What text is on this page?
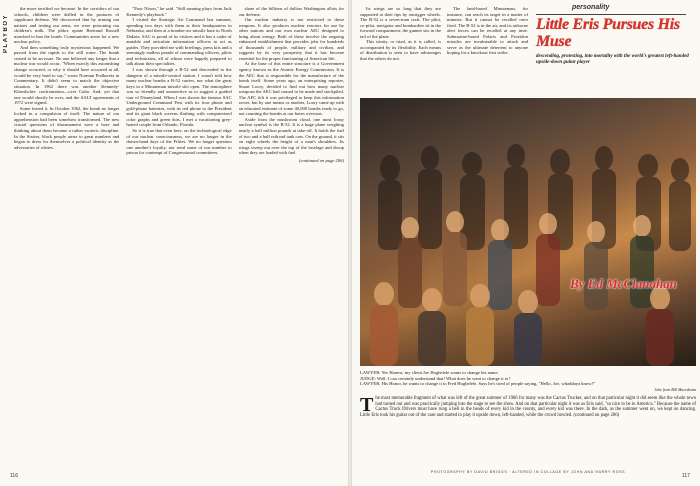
PLAYBOY

the more terrified we became. In the corridors of our schools, children were drilled in the postures of supplicant defense. We discovered that by arming our nations and testing our arms, we were poisoning our children's milk. The phlox opiate Bertrand Russell marched to ban the bomb. Communities arose for a new nuclear policy.

And then something truly mysterious happened. We passed from the rapids to the still water. The bomb ceased to be an issue. No one believed any longer that a nuclear war would occur. "When exactly this astonishing change occurred, or why it should have occurred at all, would be very hard to say," wrote Norman Podhoretz in Commentary. It didn't seem to match the objective situation. In 1962 there was another Kennedy-Khrushchev confrontation—over Cuba. And, yet that one would shortly be over, and the SALT agreements of 1972 were signed.

Some feared it. In October 1962, the bomb no longer locked in a compulsion of itself. The nature of our apprehension had been somehow transformed. The new crucial questions of disarmament were a bore and thinking about them became a rather esoteric discipline. In the Sixties, black people arose to great numbers and began to dress for themselves a political identity as the adversaries of whites.

"Poor Nixon," he said. "Still running plays from Jack Kennedy's playbook."

I visited the Strategic Air Command last summer, spending two days with them at their headquarters in Nebraska, and then at a bomber-air missile base in North Dakota. SAC is proud of its visitors and it has a cadre of amiable and articulate information officers to act as guides. They provided me with briefings, press kits and a seemingly endless parade of commanding officers, pilots and technicians, all of whom were happily prepared to talk about their specialties.

I was shown through a B-52 and descended to the dungeon of a missile-control station. I wasn't told how many nuclear bombs a B-52 carries, nor what the great keys in a Minuteman missile silo open. The atmosphere was so friendly and unassertive as to suggest a guided tour of Disneyland. When I was shown the famous SAC Underground Command Post with its four phone and gold-phone batteries, with its red phone to the President and its giant black screens flashing with computerized color graphs and green dots, I met a vacationing grey-haired couple from Orlando, Florida.

So it is true that even here, on the technological edge of our nuclear consciousness, we are no longer in the drawn-hand days of the Fifties. We no longer question one another's loyalty, nor send some of our number to prison for contempt of Congressional committees.

share of the billions of dollars Washington allots for our defense.

Our nuclear industry is not restricted to these weapons. It also produces nuclear reactors for use by other nations and our own nuclear AEC designed to bring about energy. Both of these involve the ongoing enhanced establishment that provides jobs for hundreds of thousands of people, military and civilian, and suggests by its very prosperity that it has become essential for the proper functioning of American life.

At the base of this entire structure is a Government agency known as the Atomic Energy Commission. It is the AEC that is responsible for the manufacture of the bomb itself. Some years ago, an enterprising reporter, Stuart Loory, decided to find out how many nuclear weapons the AEC had caused to be made and stockpiled. The AEC felt it was privileged to keep this information secret, but by one means or another, Loory came up with an educated estimate of some 40,000 bombs ready to go, not counting the bombs at our bases overseas.

Aside from the mushroom cloud, one most lousy nuclear symbol is the B-52. It is a huge plane weighing nearly a half million pounds at take-off. It holds the fuel of two and a half railroad tank cars. On the ground, it sits on eight wheels the height of a man's shoulders. Its wings sweep out over the top of the fuselage and droop when they are loaded with fuel.

(continued on page 206)
116

Its wings are so long that they are supported at their tips by outrigger wheels. The B-52 is a seven-man craft. The pilot, co-pilot, navigator and bombardier sit in the forward compartment; the gunner sits in the tail of the plane.

This trinity, or triad, as it is called, is accompanied by its flexibility. Each means of distribution is seen to have advantages that the others do not.

The land-based Minuteman, for instance, can reach its target in a matter of minutes. But it cannot be recalled once fired. The B-52 is in the air, and its airborne alert forces can be recalled at any time. Submarine-based Polaris and Poseidon missiles are invulnerable to attack and serve as the ultimate deterrent to anyone hoping for a knockout first strike.

personality
Little Eris Pursues His Muse
descending, protesting, into mortality with the world's greatest left-handed upside-down guitar player
By Ed McClanahan

LAWYER: Yes Honest, my client Joe Hogbelele wants to change his name.

JUDGE: Well, I can certainly understand that! What does he want to change it to?

LAWYER: His Honor, he wants to change it to Fred Hogbelele. Says he's tired of people saying, "Hello, Joe, whaddaya know?"

Joke from Bill Macedonia
The most memorable fragment of what was left of the great summer of 1966 for many was the Cactus Trucker, and on that particular night it did seem like the whole town had turned out and was practically jumping into the stage to see the show. And on that particular night it was as Eris said, "so nice to be in America." Because the name of Cactus Truck Drivers must have rung a bell in the heads of every kid in the county, and every kid was there. In the dark, as the summer went on, we kept on dancing. Little Eris took his guitar out of the case and started to play it upside down, left-handed, while the crowd howled. (continued on page 206)
PHOTOGRAPHY BY DAVID BRIGGS · ALTERED IN COLLAGE BY JOHN AND HARRY ROSS
117
